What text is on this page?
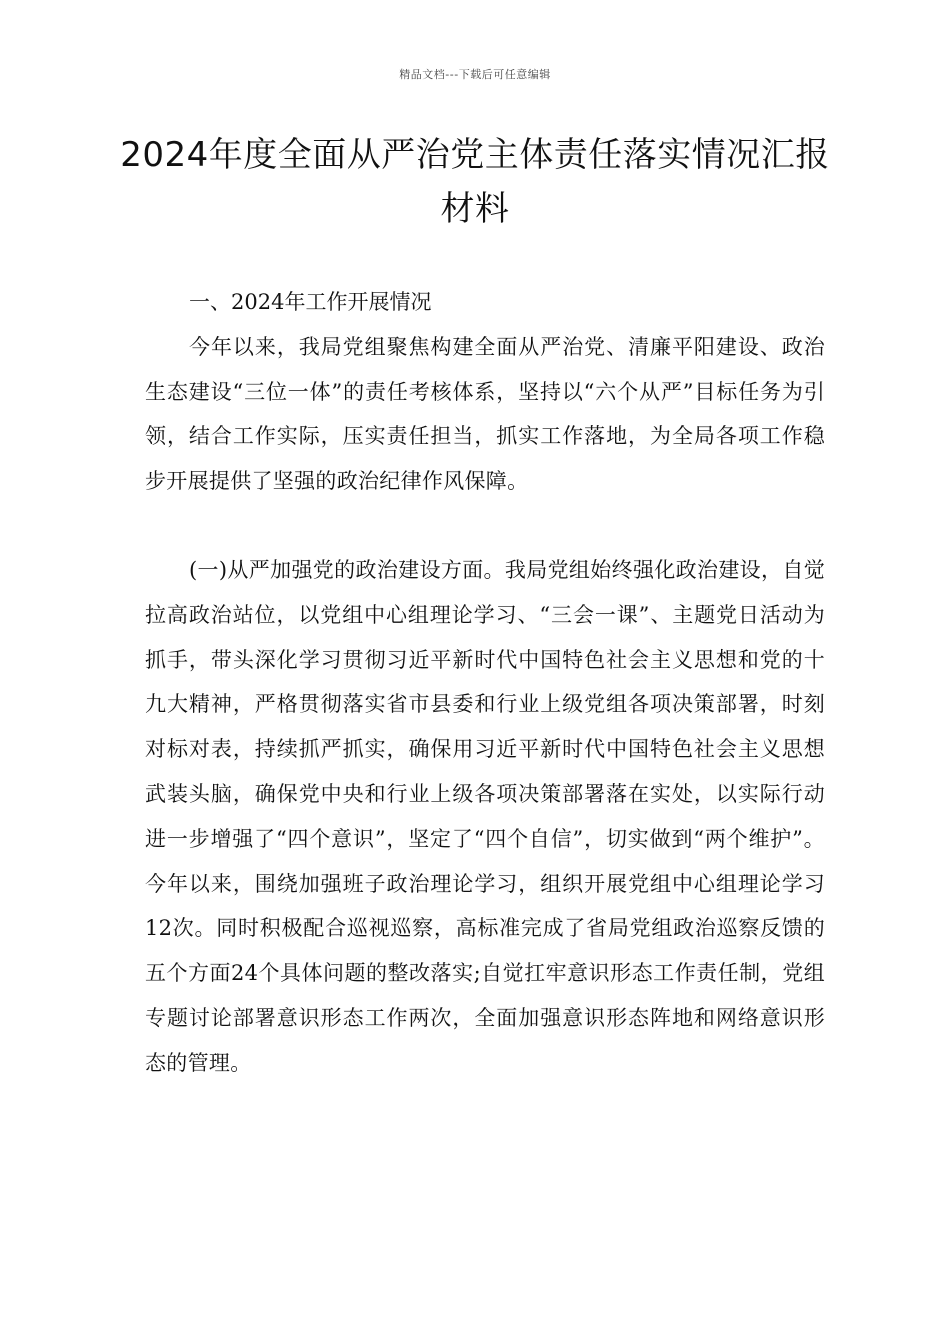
精品文档---下载后可任意编辑
2024年度全面从严治党主体责任落实情况汇报材料

一、2024年工作开展情况

今年以来，我局党组聚焦构建全面从严治党、清廉平阳建设、政治生态建设“三位一体”的责任考核体系，坚持以“六个从严”目标任务为引领，结合工作实际，压实责任担当，抓实工作落地，为全局各项工作稳步开展提供了坚强的政治纪律作风保障。

(一)从严加强党的政治建设方面。我局党组始终强化政治建设，自觉拉高政治站位，以党组中心组理论学习、“三会一课”、主题党日活动为抓手，带头深化学习贯彻习近平新时代中国特色社会主义思想和党的十九大精神，严格贯彻落实省市县委和行业上级党组各项决策部署，时刻对标对表，持续抓严抓实，确保用习近平新时代中国特色社会主义思想武装头脑，确保党中央和行业上级各项决策部署落在实处，以实际行动进一步增强了“四个意识”，坚定了“四个自信”，切实做到“两个维护”。今年以来，围绕加强班子政治理论学习，组织开展党组中心组理论学习12次。同时积极配合巡视巡察，高标准完成了省局党组政治巡察反馈的五个方面24个具体问题的整改落实;自觉扛牢意识形态工作责任制，党组专题讨论部署意识形态工作两次，全面加强意识形态阵地和网络意识形态的管理。
